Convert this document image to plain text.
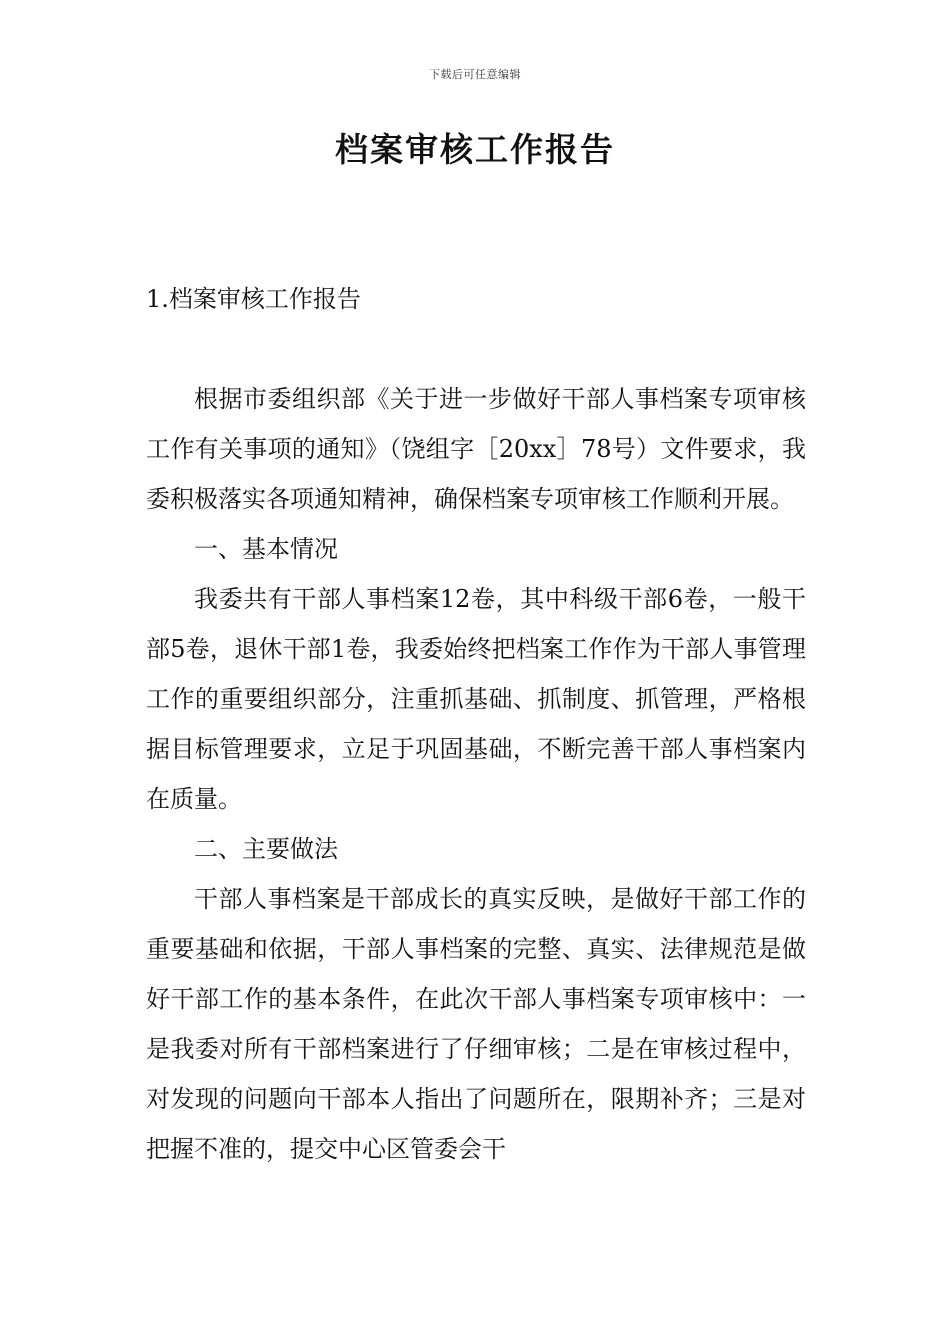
下载后可任意编辑
档案审核工作报告
1.档案审核工作报告

根据市委组织部《关于进一步做好干部人事档案专项审核工作有关事项的通知》（饶组字［20xx］78号）文件要求，我委积极落实各项通知精神，确保档案专项审核工作顺利开展。

一、基本情况

我委共有干部人事档案12卷，其中科级干部6卷，一般干部5卷，退休干部1卷，我委始终把档案工作作为干部人事管理工作的重要组织部分，注重抓基础、抓制度、抓管理，严格根据目标管理要求，立足于巩固基础，不断完善干部人事档案内在质量。

二、主要做法

干部人事档案是干部成长的真实反映，是做好干部工作的重要基础和依据，干部人事档案的完整、真实、法律规范是做好干部工作的基本条件，在此次干部人事档案专项审核中：一是我委对所有干部档案进行了仔细审核；二是在审核过程中，对发现的问题向干部本人指出了问题所在，限期补齐；三是对把握不准的，提交中心区管委会干
